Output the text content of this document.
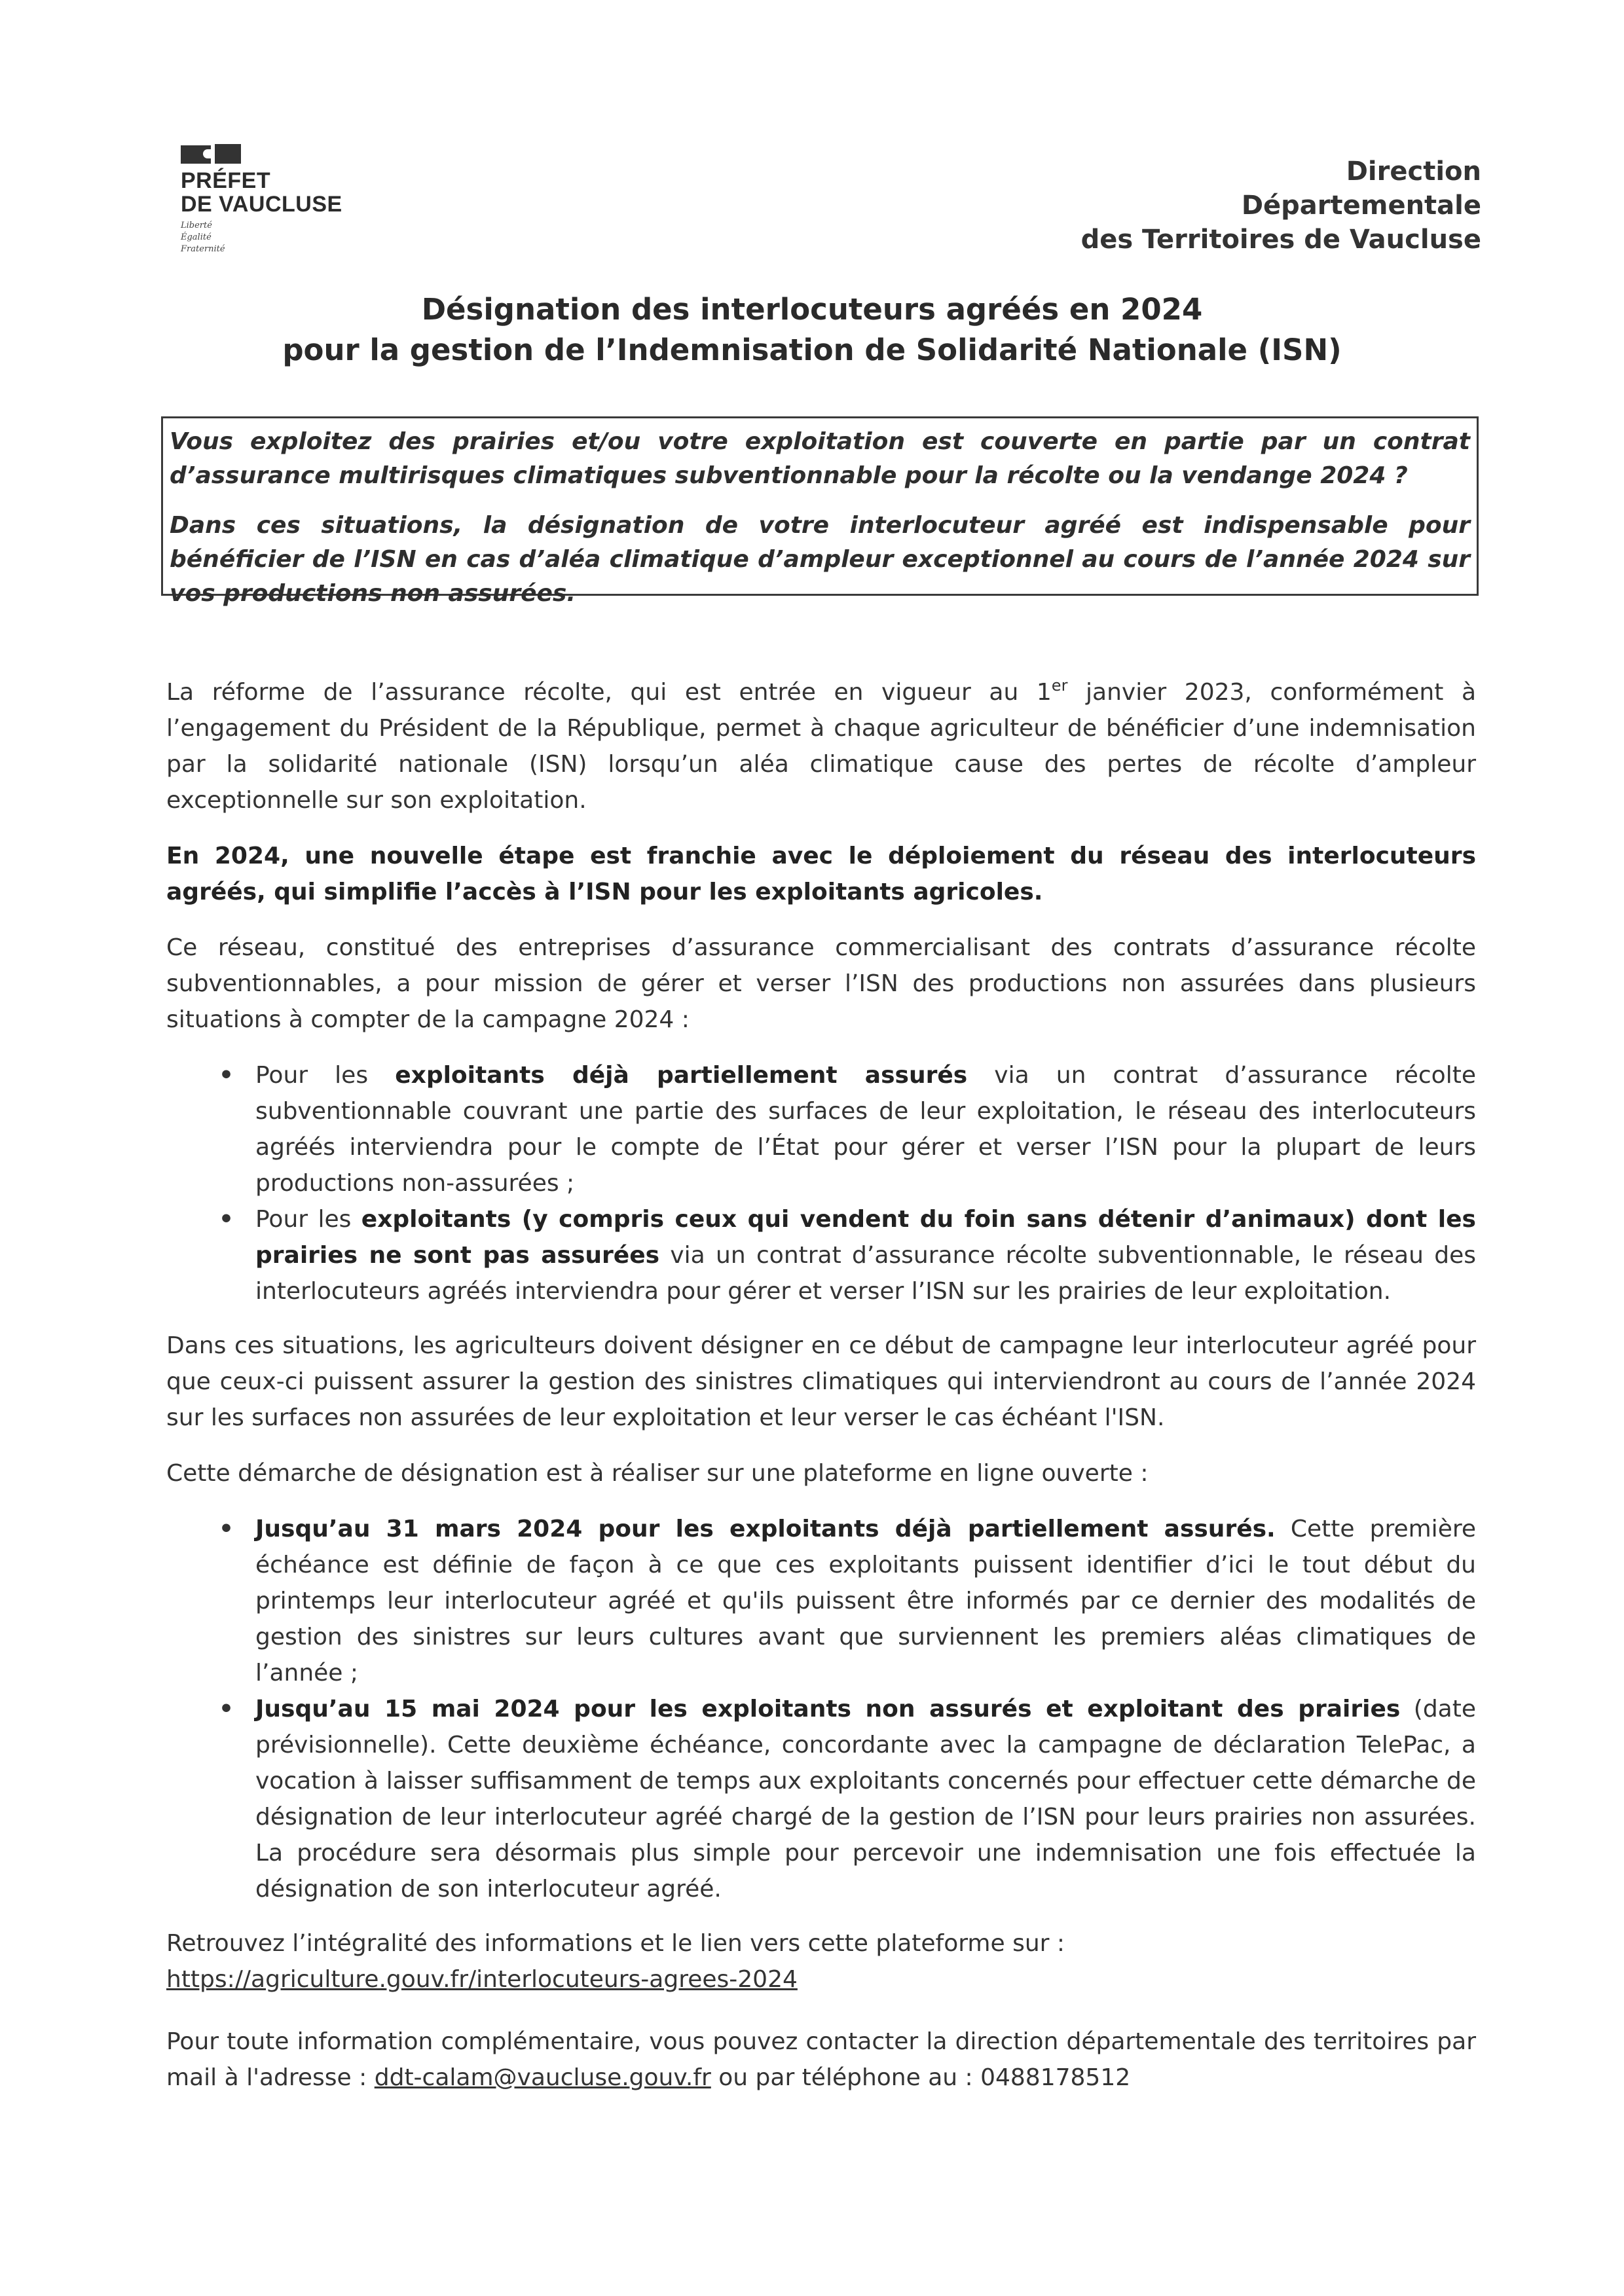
PRÉFET
DE VAUCLUSE
Liberté
Égalité
Fraternité
Direction
Départementale
des Territoires de Vaucluse
Désignation des interlocuteurs agréés en 2024
pour la gestion de l’Indemnisation de Solidarité Nationale (ISN)

Vous exploitez des prairies et/ou votre exploitation est couverte en partie par un contrat d’assurance multirisques climatiques subventionnable pour la récolte ou la vendange 2024 ?

Dans ces situations, la désignation de votre interlocuteur agréé est indispensable pour bénéficier de l’ISN en cas d’aléa climatique d’ampleur exceptionnel au cours de l’année 2024 sur vos productions non assurées.

La réforme de l’assurance récolte, qui est entrée en vigueur au 1er janvier 2023, conformément à l’engagement du Président de la République, permet à chaque agriculteur de bénéficier d’une indemnisation par la solidarité nationale (ISN) lorsqu’un aléa climatique cause des pertes de récolte d’ampleur exceptionnelle sur son exploitation.

En 2024, une nouvelle étape est franchie avec le déploiement du réseau des interlocuteurs agréés, qui simplifie l’accès à l’ISN pour les exploitants agricoles.

Ce réseau, constitué des entreprises d’assurance commercialisant des contrats d’assurance récolte subventionnables, a pour mission de gérer et verser l’ISN des productions non assurées dans plusieurs situations à compter de la campagne 2024 :

• Pour les exploitants déjà partiellement assurés via un contrat d’assurance récolte subventionnable couvrant une partie des surfaces de leur exploitation, le réseau des interlocuteurs agréés interviendra pour le compte de l’État pour gérer et verser l’ISN pour la plupart de leurs productions non-assurées ;
• Pour les exploitants (y compris ceux qui vendent du foin sans détenir d’animaux) dont les prairies ne sont pas assurées via un contrat d’assurance récolte subventionnable, le réseau des interlocuteurs agréés interviendra pour gérer et verser l’ISN sur les prairies de leur exploitation.

Dans ces situations, les agriculteurs doivent désigner en ce début de campagne leur interlocuteur agréé pour que ceux-ci puissent assurer la gestion des sinistres climatiques qui interviendront au cours de l’année 2024 sur les surfaces non assurées de leur exploitation et leur verser le cas échéant l'ISN.

Cette démarche de désignation est à réaliser sur une plateforme en ligne ouverte :

• Jusqu’au 31 mars 2024 pour les exploitants déjà partiellement assurés. Cette première échéance est définie de façon à ce que ces exploitants puissent identifier d’ici le tout début du printemps leur interlocuteur agréé et qu'ils puissent être informés par ce dernier des modalités de gestion des sinistres sur leurs cultures avant que surviennent les premiers aléas climatiques de l’année ;
• Jusqu’au 15 mai 2024 pour les exploitants non assurés et exploitant des prairies (date prévisionnelle). Cette deuxième échéance, concordante avec la campagne de déclaration TelePac, a vocation à laisser suffisamment de temps aux exploitants concernés pour effectuer cette démarche de désignation de leur interlocuteur agréé chargé de la gestion de l’ISN pour leurs prairies non assurées. La procédure sera désormais plus simple pour percevoir une indemnisation une fois effectuée la désignation de son interlocuteur agréé.

Retrouvez l’intégralité des informations et le lien vers cette plateforme sur :
https://agriculture.gouv.fr/interlocuteurs-agrees-2024

Pour toute information complémentaire, vous pouvez contacter la direction départementale des territoires par mail à l'adresse : ddt-calam@vaucluse.gouv.fr ou par téléphone au : 0488178512
